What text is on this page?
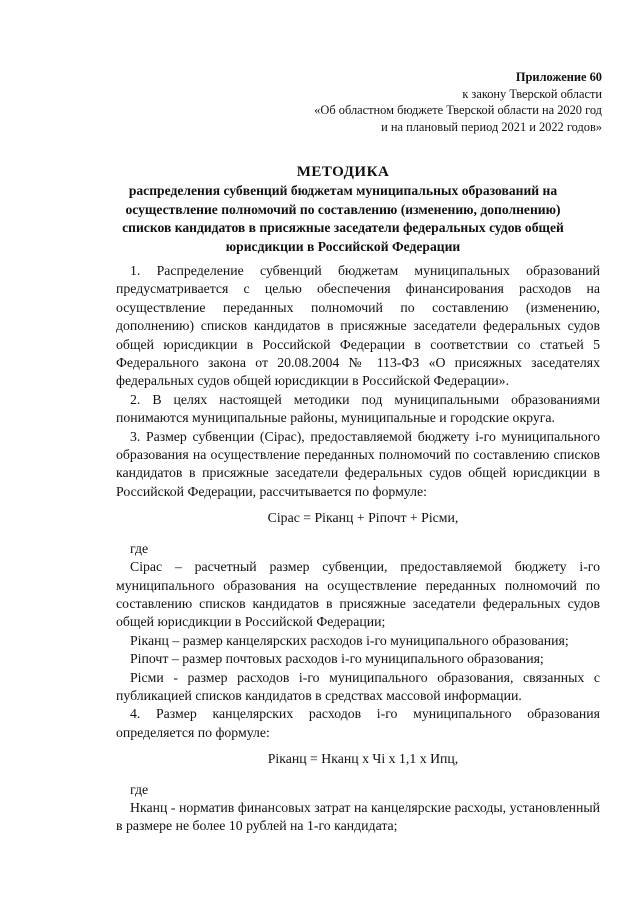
Приложение 60
к закону Тверской области
«Об областном бюджете Тверской области на 2020 год
и на плановый период 2021 и 2022 годов»
МЕТОДИКА
распределения субвенций бюджетам муниципальных образований на
осуществление полномочий по составлению (изменению, дополнению)
списков кандидатов в присяжные заседатели федеральных судов общей
юрисдикции в Российской Федерации

1. Распределение субвенций бюджетам муниципальных образований предусматривается с целью обеспечения финансирования расходов на осуществление переданных полномочий по составлению (изменению, дополнению) списков кандидатов в присяжные заседатели федеральных судов общей юрисдикции в Российской Федерации в соответствии со статьей 5 Федерального закона от 20.08.2004 № 113-ФЗ «О присяжных заседателях федеральных судов общей юрисдикции в Российской Федерации».

2. В целях настоящей методики под муниципальными образованиями понимаются муниципальные районы, муниципальные и городские округа.

3. Размер субвенции (Ciрас), предоставляемой бюджету i-го муниципального образования на осуществление переданных полномочий по составлению списков кандидатов в присяжные заседатели федеральных судов общей юрисдикции в Российской Федерации, рассчитывается по формуле:

Ciрас = Piканц + Piпочт + Piсми,
где

Ciрас – расчетный размер субвенции, предоставляемой бюджету i-го муниципального образования на осуществление переданных полномочий по составлению списков кандидатов в присяжные заседатели федеральных судов общей юрисдикции в Российской Федерации;

Piканц – размер канцелярских расходов i-го муниципального образования;

Piпочт – размер почтовых расходов i-го муниципального образования;

Piсми - размер расходов i-го муниципального образования, связанных с публикацией списков кандидатов в средствах массовой информации.

4. Размер канцелярских расходов i-го муниципального образования определяется по формуле:

Piканц = Нканц х Чi х 1,1 х Ипц,
где

Нканц - норматив финансовых затрат на канцелярские расходы, установленный в размере не более 10 рублей на 1-го кандидата;
